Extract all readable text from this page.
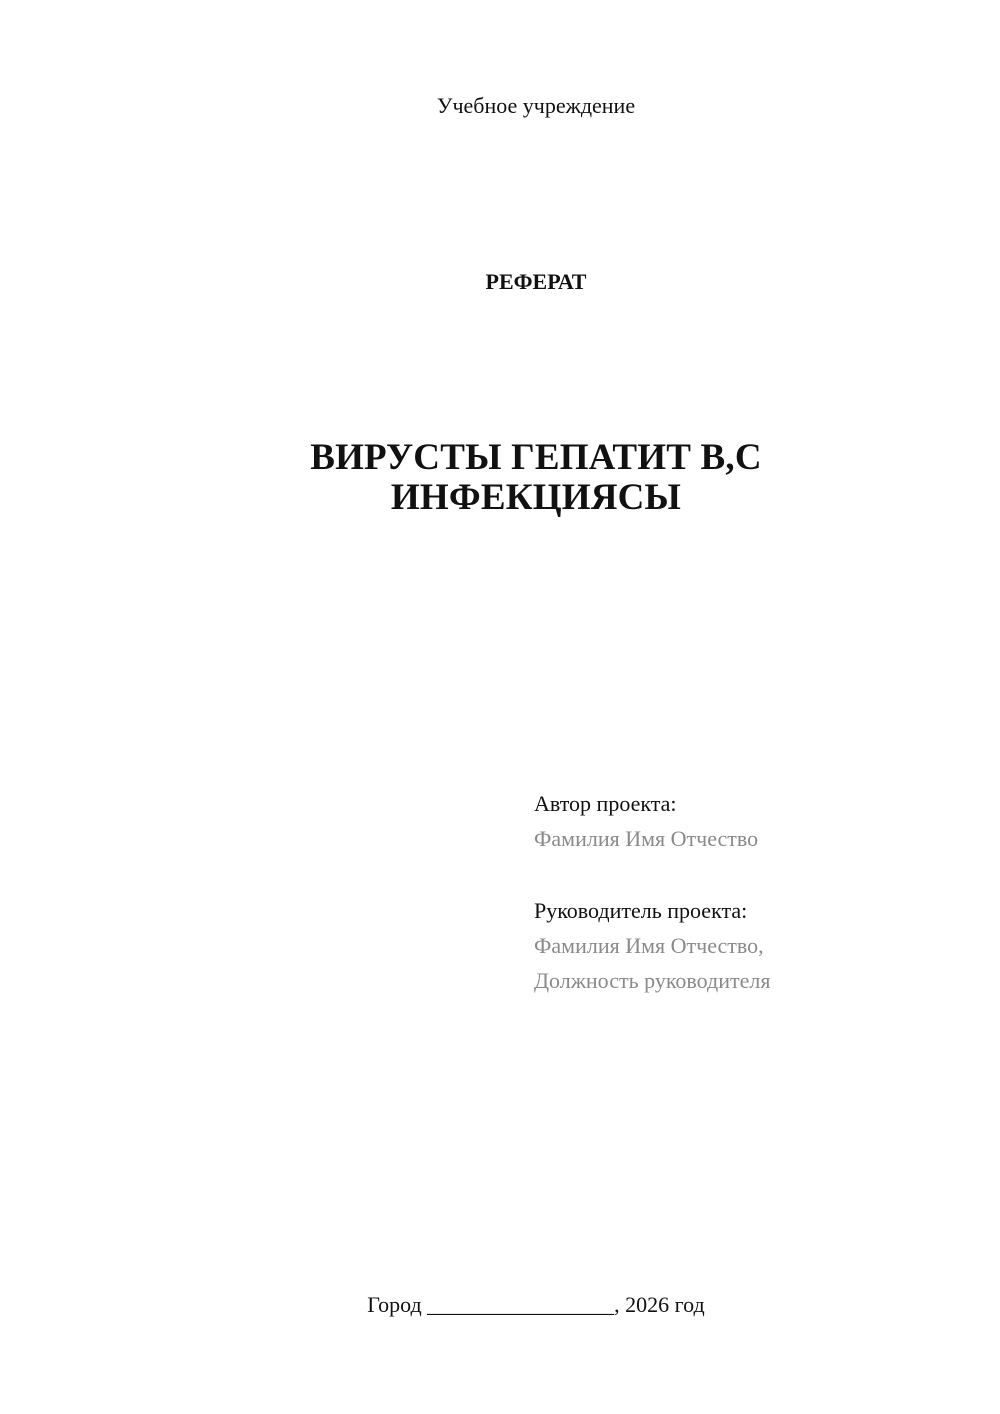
Учебное учреждение
РЕФЕРАТ
ВИРУСТЫ ГЕПАТИТ В,С
ИНФЕКЦИЯСЫ
Автор проекта:
Фамилия Имя Отчество
Руководитель проекта:
Фамилия Имя Отчество,
Должность руководителя
Город _________________, 2026 год
